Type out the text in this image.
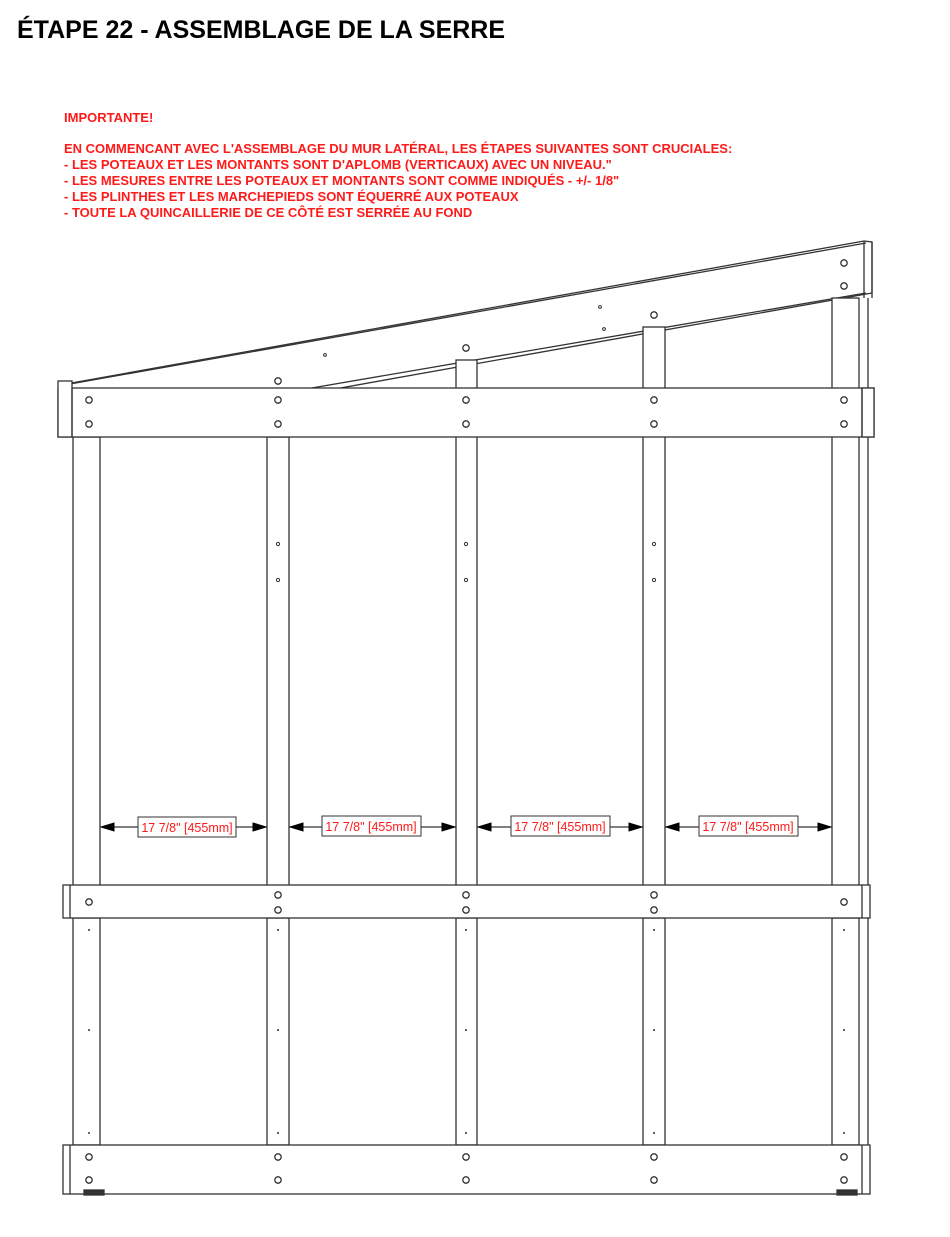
ÉTAPE 22 - ASSEMBLAGE DE LA SERRE
IMPORTANTE!
EN COMMENCANT AVEC L'ASSEMBLAGE DU MUR LATÉRAL, LES ÉTAPES SUIVANTES SONT CRUCIALES:
- LES POTEAUX ET LES MONTANTS SONT D'APLOMB (VERTICAUX) AVEC UN NIVEAU."
- LES MESURES ENTRE LES POTEAUX ET MONTANTS SONT COMME INDIQUÉS - +/- 1/8"
- LES PLINTHES ET LES MARCHEPIEDS SONT ÉQUERRÉ AUX POTEAUX
- TOUTE LA QUINCAILLERIE DE CE CÔTÉ EST SERRÉE AU FOND
17 7/8" [455mm]	17 7/8" [455mm]	17 7/8" [455mm]	17 7/8" [455mm]
